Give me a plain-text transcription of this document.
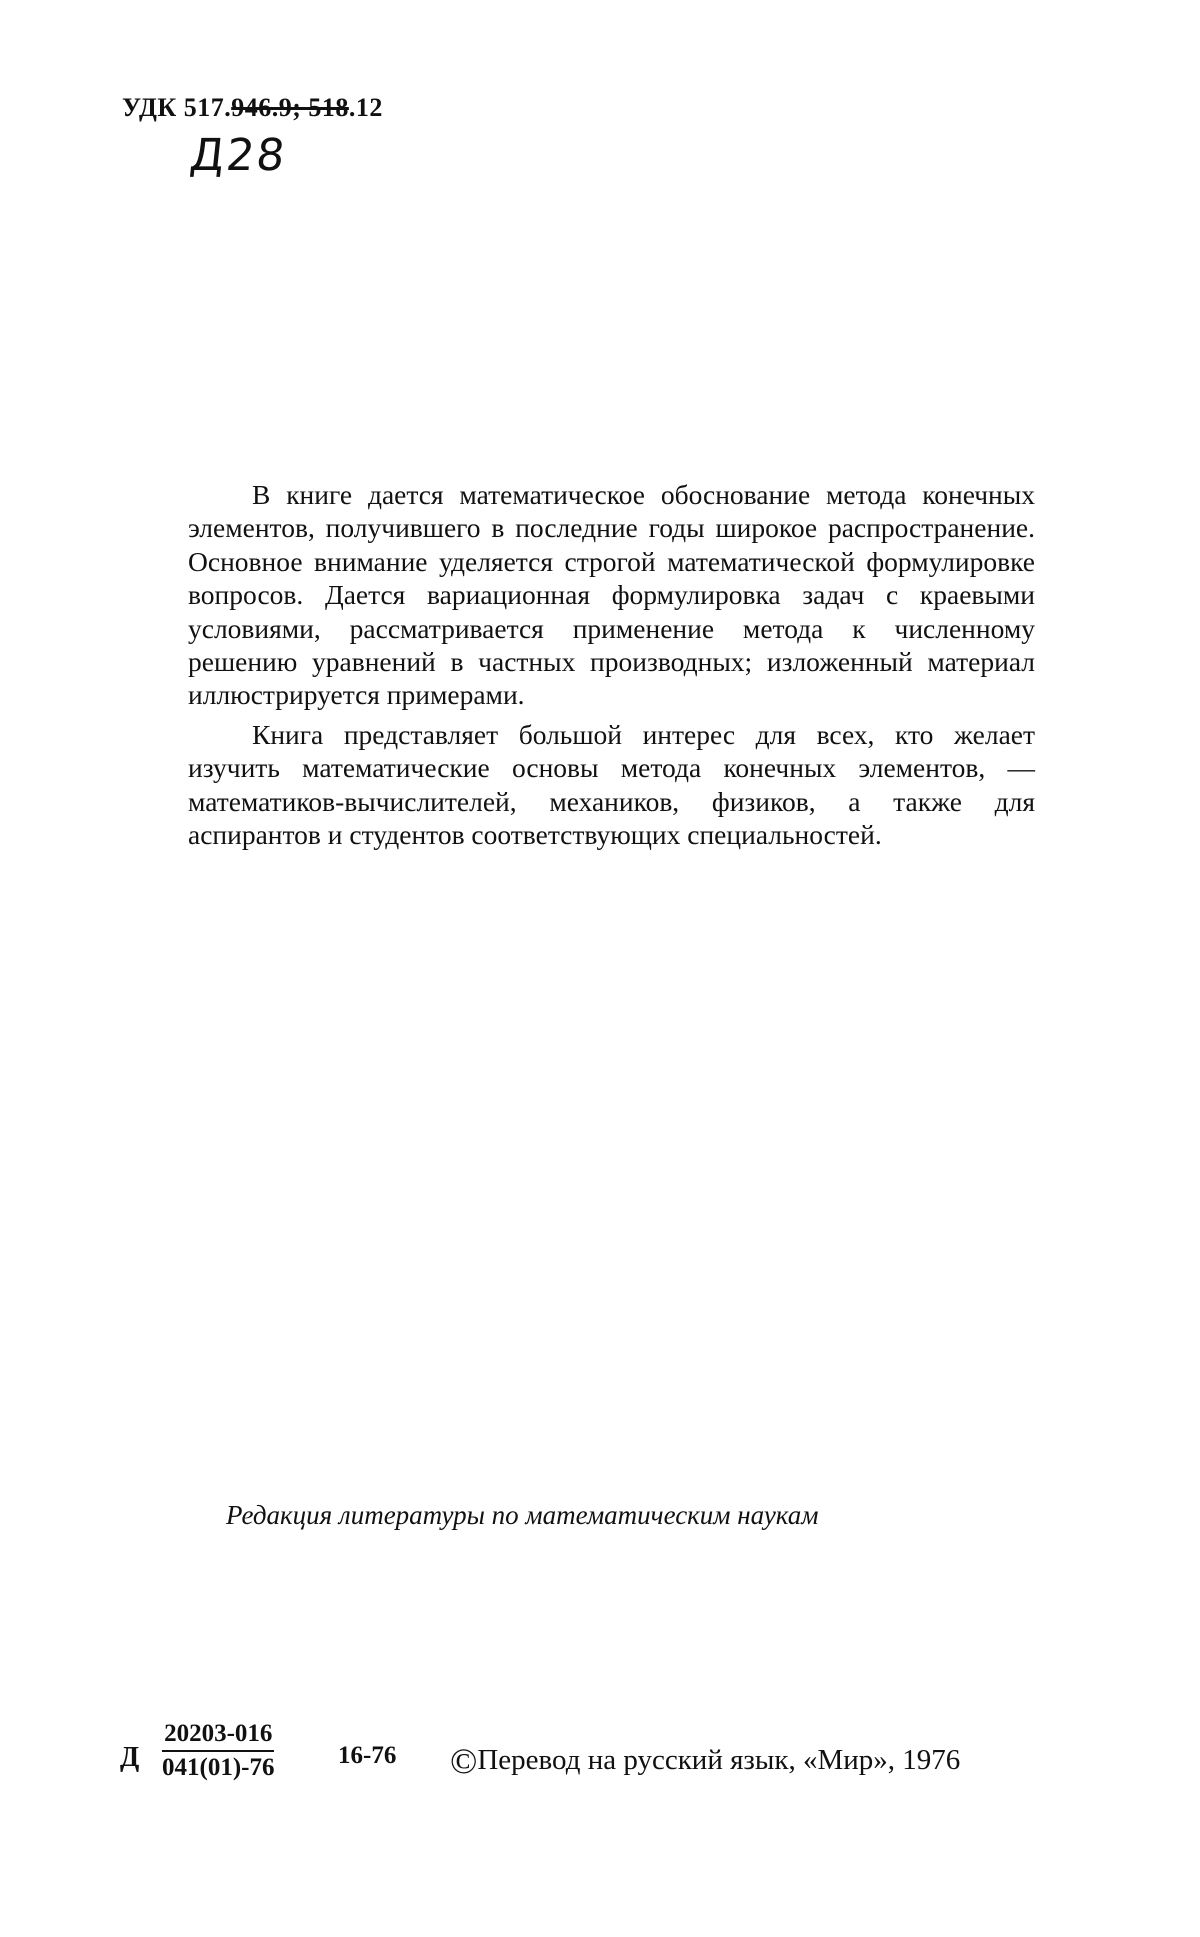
УДК 517.946.9; 518.12
Д28

В книге дается математическое обоснование метода конечных элементов, получившего в последние годы широкое распространение. Основное внимание уделяется строгой математической формулировке вопросов. Дается вариационная формулировка задач с краевыми условиями, рассматривается применение метода к численному решению уравнений в частных производных; изложенный материал иллюстрируется примерами.

Книга представляет большой интерес для всех, кто желает изучить математические основы метода конечных элементов, — математиков-вычислителей, механиков, физиков, а также для аспирантов и студентов соответствующих специальностей.

Редакция литературы по математическим наукам
Д $\frac{20203-016}{041(01)-76}$	16-76 ©Перевод на русский язык, «Мир», 1976
